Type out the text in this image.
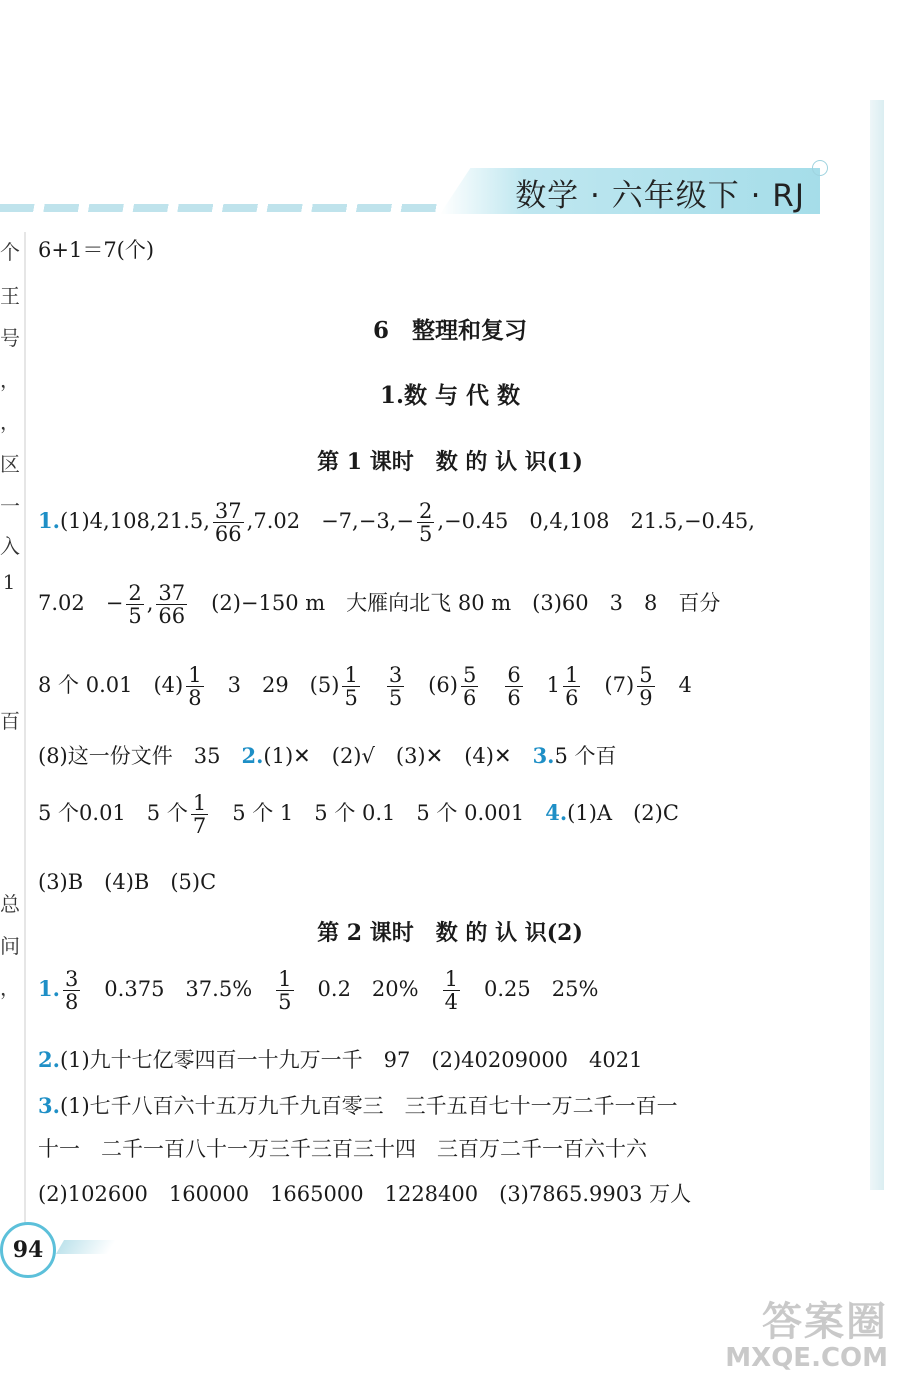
数学 · 六年级下 · RJ
个
王
号
，
，
区
一
入
1
百
总
问
，
6+1＝7(个)
6　 整理和复习
1.数 与 代 数
第 1 课时　数 的 认 识(1)
1.(1)4,108,21.5, $\frac{37}{66} ,7.02$　$-7,-3,- \frac{2}{5} ,-0.45$　0,4,108　21.5,−0.45,
7.02　− $\frac{2}{5}$ , $\frac{37}{66}$ 　(2)−150 m　大雁向北飞 80 m　(3)60　3　8　百分
8 个 0.01　$(4) \frac{1}{8}$ 　3　29　$(5) \frac{1}{5}$
　 $\frac{3}{5}$ 　$(6) \frac{5}{6}$
　 $\frac{6}{6}$ 　$1 \frac{1}{6}$ 　$(7) \frac{5}{9}$ 　4
(8)这一份文件　35　2.(1)✕　(2)√　(3)✕　(4)✕　3.5 个百
5 个0.01　5 个 $\frac{1}{7}$ 　5 个 1　5 个 0.1　5 个 0.001　4.(1)A　(2)C
(3)B　(4)B　(5)C
第 2 课时　数 的 认 识(2)
1. $\frac{3}{8}$ 　0.375　37.5%　 $\frac{1}{5}$ 　0.2　20%　 $\frac{1}{4}$ 　0.25　25%
2.(1)九十七亿零四百一十九万一千　97　(2)40209000　4021
3.(1)七千八百六十五万九千九百零三　三千五百七十一万二千一百一
十一　二千一百八十一万三千三百三十四　三百万二千一百六十六
(2)102600　160000　1665000　1228400　(3)7865.9903 万人
94
答案圈
MXQE.COM
